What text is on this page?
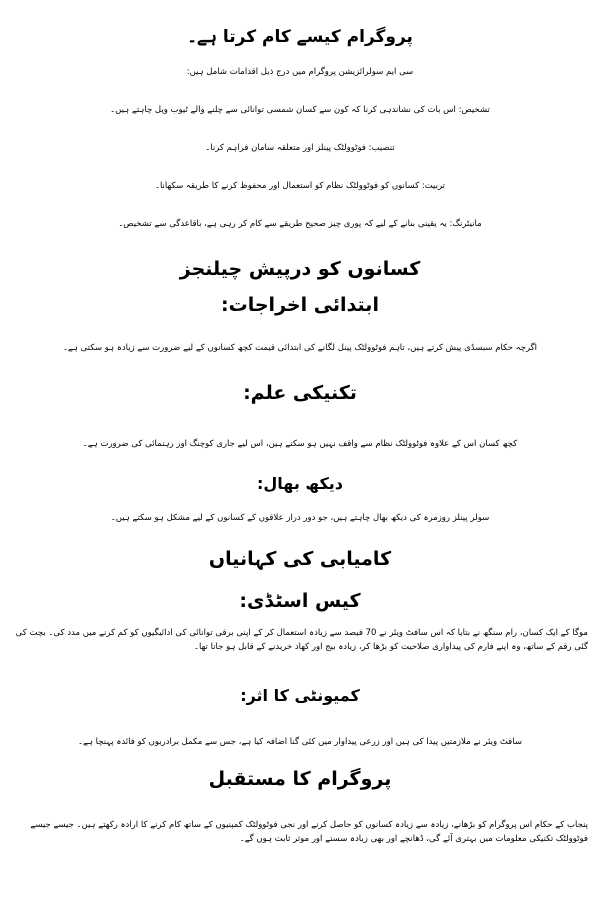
پروگرام کیسے کام کرتا ہے۔
سی ایم سولرائزیشن پروگرام میں درج ذیل اقدامات شامل ہیں:
تشخیص: اس بات کی نشاندہی کرنا کہ کون سے کسان شمسی توانائی سے چلنے والے ٹیوب ویل چاہتے ہیں۔
تنصیب: فوٹوولٹک پینلز اور متعلقہ سامان فراہم کرنا۔
تربیت: کسانوں کو فوٹوولٹک نظام کو استعمال اور محفوظ کرنے کا طریقہ سکھانا۔
مانیٹرنگ: یہ یقینی بنانے کے لیے کہ پوری چیز صحیح طریقے سے کام کر رہی ہے، باقاعدگی سے تشخیص۔
کسانوں کو درپیش چیلنجز
ابتدائی اخراجات:
اگرچہ حکام سبسڈی پیش کرتے ہیں، تاہم فوٹوولٹک پینل لگانے کی ابتدائی قیمت کچھ کسانوں کے لیے ضرورت سے زیادہ ہو سکتی ہے۔
تکنیکی علم:
کچھ کسان اس کے علاوہ فوٹوولٹک نظام سے واقف نہیں ہو سکتے ہیں، اس لیے جاری کوچنگ اور رہنمائی کی ضرورت ہے۔
دیکھ بھال:
سولر پینلز روزمرہ کی دیکھ بھال چاہتے ہیں، جو دور دراز علاقوں کے کسانوں کے لیے مشکل ہو سکتے ہیں۔
کامیابی کی کہانیاں
کیس اسٹڈی:
موگا کے ایک کسان، رام سنگھ نے بتایا کہ اس سافٹ ویئر نے 70 فیصد سے زیادہ استعمال کر کے اپنی برقی توانائی کی ادائیگیوں کو کم کرنے میں مدد کی۔ بچت کی گئی رقم کے ساتھ، وہ اپنے فارم کی پیداواری صلاحیت کو بڑھا کر، زیادہ بیج اور کھاد خریدنے کے قابل ہو جاتا تھا۔
کمیونٹی کا اثر:
سافٹ ویئر نے ملازمتیں پیدا کی ہیں اور زرعی پیداوار میں کئی گنا اضافہ کیا ہے، جس سے مکمل برادریوں کو فائدہ پہنچا ہے۔
پروگرام کا مستقبل
پنجاب کے حکام اس پروگرام کو بڑھانے، زیادہ سے زیادہ کسانوں کو حاصل کرنے اور نجی فوٹوولٹک کمپنیوں کے ساتھ کام کرنے کا ارادہ رکھتے ہیں۔ جیسے جیسے فوٹوولٹک تکنیکی معلومات میں بہتری آئے گی، ڈھانچے اور بھی زیادہ سستے اور موثر ثابت ہوں گے۔
